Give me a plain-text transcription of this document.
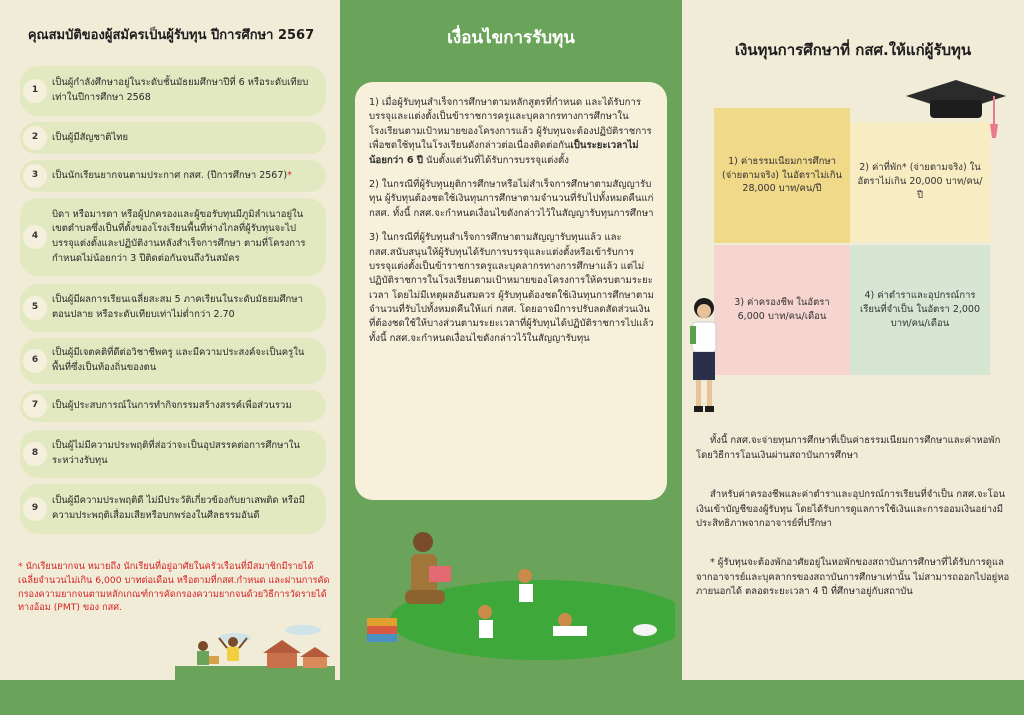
คุณสมบัติของผู้สมัครเป็นผู้รับทุน ปีการศึกษา 2567
1
เป็นผู้กำลังศึกษาอยู่ในระดับชั้นมัธยมศึกษาปีที่ 6 หรือระดับเทียบเท่าในปีการศึกษา 2568
2	เป็นผู้มีสัญชาติไทย
3	เป็นนักเรียนยากจนตามประกาศ กสศ. (ปีการศึกษา 2567)*
4
บิดา หรือมารดา หรือผู้ปกครองและผู้ขอรับทุนมีภูมิลำเนาอยู่ในเขตตำบลซึ่งเป็นที่ตั้งของโรงเรียนพื้นที่ห่างไกลที่ผู้รับทุนจะไปบรรจุแต่งตั้งและปฏิบัติงานหลังสำเร็จการศึกษา ตามที่โครงการกำหนดไม่น้อยกว่า 3 ปีติดต่อกันจนถึงวันสมัคร
5
เป็นผู้มีผลการเรียนเฉลี่ยสะสม 5 ภาคเรียนในระดับมัธยมศึกษาตอนปลาย หรือระดับเทียบเท่าไม่ต่ำกว่า 2.70
6
เป็นผู้มีเจตคติที่ดีต่อวิชาชีพครู และมีความประสงค์จะเป็นครูในพื้นที่ซึ่งเป็นท้องถิ่นของตน
7	เป็นผู้ประสบการณ์ในการทำกิจกรรมสร้างสรรค์เพื่อส่วนรวม
8
เป็นผู้ไม่มีความประพฤติที่ส่อว่าจะเป็นอุปสรรคต่อการศึกษาในระหว่างรับทุน
9
เป็นผู้มีความประพฤติดี ไม่มีประวัติเกี่ยวข้องกับยาเสพติด หรือมีความประพฤติเสื่อมเสียหรือบกพร่องในศีลธรรมอันดี
* นักเรียนยากจน หมายถึง นักเรียนที่อยู่อาศัยในครัวเรือนที่มีสมาชิกมีรายได้เฉลี่ยจำนวนไม่เกิน 6,000 บาทต่อเดือน หรือตามที่กสศ.กำหนด และผ่านการคัดกรองความยากจนตามหลักเกณฑ์การคัดกรองความยากจนด้วยวิธีการวัดรายได้ทางอ้อม (PMT) ของ กสศ.
เงื่อนไขการรับทุน

1) เมื่อผู้รับทุนสำเร็จการศึกษาตามหลักสูตรที่กำหนด และได้รับการบรรจุและแต่งตั้งเป็นข้าราชการครูและบุคลากรทางการศึกษาในโรงเรียนตามเป้าหมายของโครงการแล้ว ผู้รับทุนจะต้องปฏิบัติราชการเพื่อชดใช้ทุนในโรงเรียนดังกล่าวต่อเนื่องติดต่อกันเป็นระยะเวลาไม่น้อยกว่า 6 ปี นับตั้งแต่วันที่ได้รับการบรรจุแต่งตั้ง

2) ในกรณีที่ผู้รับทุนยุติการศึกษาหรือไม่สำเร็จการศึกษาตามสัญญารับทุน ผู้รับทุนต้องชดใช้เงินทุนการศึกษาตามจำนวนที่รับไปทั้งหมดคืนแก่ กสศ. ทั้งนี้ กสศ.จะกำหนดเงื่อนไขดังกล่าวไว้ในสัญญารับทุนการศึกษา

3) ในกรณีที่ผู้รับทุนสำเร็จการศึกษาตามสัญญารับทุนแล้ว และกสศ.สนับสนุนให้ผู้รับทุนได้รับการบรรจุและแต่งตั้งหรือเข้ารับการบรรจุแต่งตั้งเป็นข้าราชการครูและบุคลากรทางการศึกษาแล้ว แต่ไม่ปฏิบัติราชการในโรงเรียนตามเป้าหมายของโครงการให้ครบตามระยะเวลา โดยไม่มีเหตุผลอันสมควร ผู้รับทุนต้องชดใช้เงินทุนการศึกษาตามจำนวนที่รับไปทั้งหมดคืนให้แก่ กสศ. โดยอาจมีการปรับลดสัดส่วนเงินที่ต้องชดใช้ให้บางส่วนตามระยะเวลาที่ผู้รับทุนได้ปฏิบัติราชการไปแล้ว ทั้งนี้ กสศ.จะกำหนดเงื่อนไขดังกล่าวไว้ในสัญญารับทุน

เงินทุนการศึกษาที่ กสศ.ให้แก่ผู้รับทุน
1) ค่าธรรมเนียมการศึกษา (จ่ายตามจริง) ในอัตราไม่เกิน 28,000 บาท/คน/ปี
2) ค่าที่พัก* (จ่ายตามจริง) ในอัตราไม่เกิน 20,000 บาท/คน/ปี
3) ค่าครองชีพ ในอัตรา 6,000 บาท/คน/เดือน
4) ค่าตำราและอุปกรณ์การเรียนที่จำเป็น ในอัตรา 2,000 บาท/คน/เดือน
ทั้งนี้ กสศ.จะจ่ายทุนการศึกษาที่เป็นค่าธรรมเนียมการศึกษาและค่าหอพัก โดยวิธีการโอนเงินผ่านสถาบันการศึกษา
สำหรับค่าครองชีพและค่าตำราและอุปกรณ์การเรียนที่จำเป็น กสศ.จะโอนเงินเข้าบัญชีของผู้รับทุน โดยได้รับการดูแลการใช้เงินและการออมเงินอย่างมีประสิทธิภาพจากอาจารย์ที่ปรึกษา
* ผู้รับทุนจะต้องพักอาศัยอยู่ในหอพักของสถาบันการศึกษาที่ได้รับการดูแลจากอาจารย์และบุคลากรของสถาบันการศึกษาเท่านั้น ไม่สามารถออกไปอยู่หอภายนอกได้ ตลอดระยะเวลา 4 ปี ที่ศึกษาอยู่กับสถาบัน
